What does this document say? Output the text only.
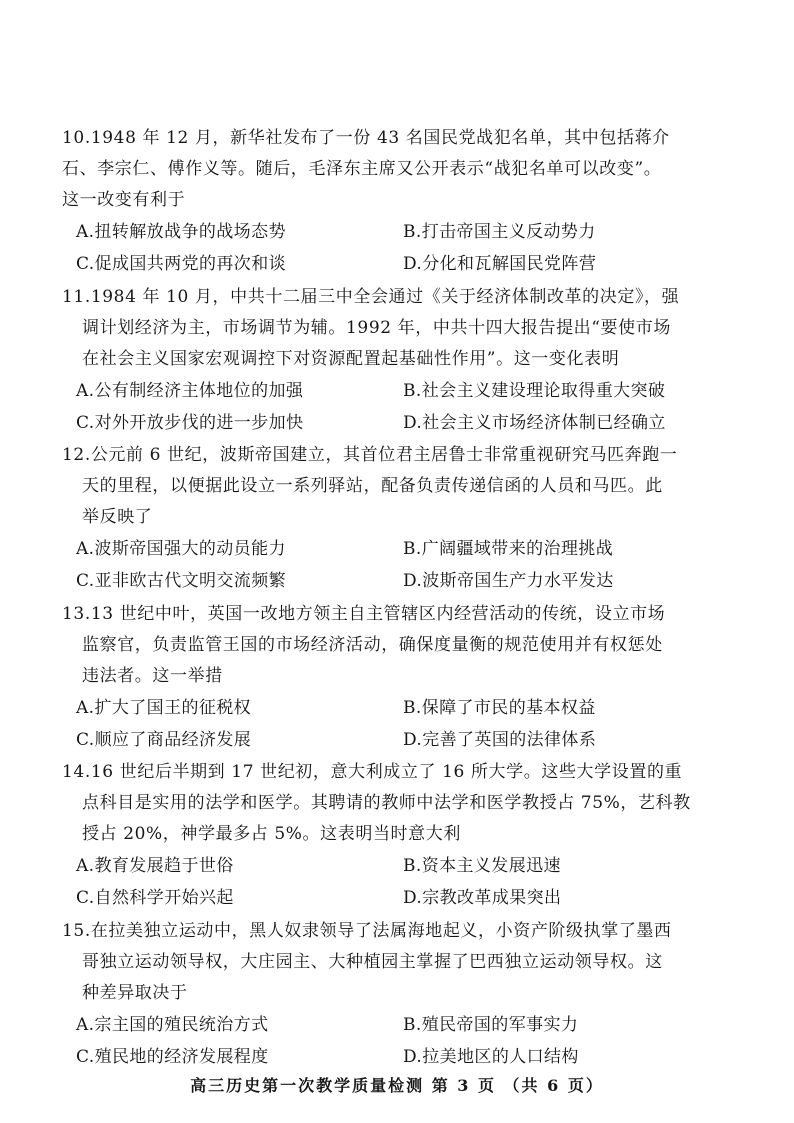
10.1948 年 12 月，新华社发布了一份 43 名国民党战犯名单，其中包括蒋介
石、李宗仁、傅作义等。随后，毛泽东主席又公开表示“战犯名单可以改变”。
这一改变有利于
A.扭转解放战争的战场态势	B.打击帝国主义反动势力
C.促成国共两党的再次和谈	D.分化和瓦解国民党阵营
11.1984 年 10 月，中共十二届三中全会通过《关于经济体制改革的决定》，强
调计划经济为主，市场调节为辅。1992 年，中共十四大报告提出“要使市场
在社会主义国家宏观调控下对资源配置起基础性作用”。这一变化表明
A.公有制经济主体地位的加强	B.社会主义建设理论取得重大突破
C.对外开放步伐的进一步加快	D.社会主义市场经济体制已经确立
12.公元前 6 世纪，波斯帝国建立，其首位君主居鲁士非常重视研究马匹奔跑一
天的里程，以便据此设立一系列驿站，配备负责传递信函的人员和马匹。此
举反映了
A.波斯帝国强大的动员能力	B.广阔疆域带来的治理挑战
C.亚非欧古代文明交流频繁	D.波斯帝国生产力水平发达
13.13 世纪中叶，英国一改地方领主自主管辖区内经营活动的传统，设立市场
监察官，负责监管王国的市场经济活动，确保度量衡的规范使用并有权惩处
违法者。这一举措
A.扩大了国王的征税权	B.保障了市民的基本权益
C.顺应了商品经济发展	D.完善了英国的法律体系
14.16 世纪后半期到 17 世纪初，意大利成立了 16 所大学。这些大学设置的重
点科目是实用的法学和医学。其聘请的教师中法学和医学教授占 75%，艺科教
授占 20%，神学最多占 5%。这表明当时意大利
A.教育发展趋于世俗	B.资本主义发展迅速
C.自然科学开始兴起	D.宗教改革成果突出
15.在拉美独立运动中，黑人奴隶领导了法属海地起义，小资产阶级执掌了墨西
哥独立运动领导权，大庄园主、大种植园主掌握了巴西独立运动领导权。这
种差异取决于
A.宗主国的殖民统治方式	B.殖民帝国的军事实力
C.殖民地的经济发展程度	D.拉美地区的人口结构
高三历史第一次教学质量检测 第 3 页 （共 6 页）
